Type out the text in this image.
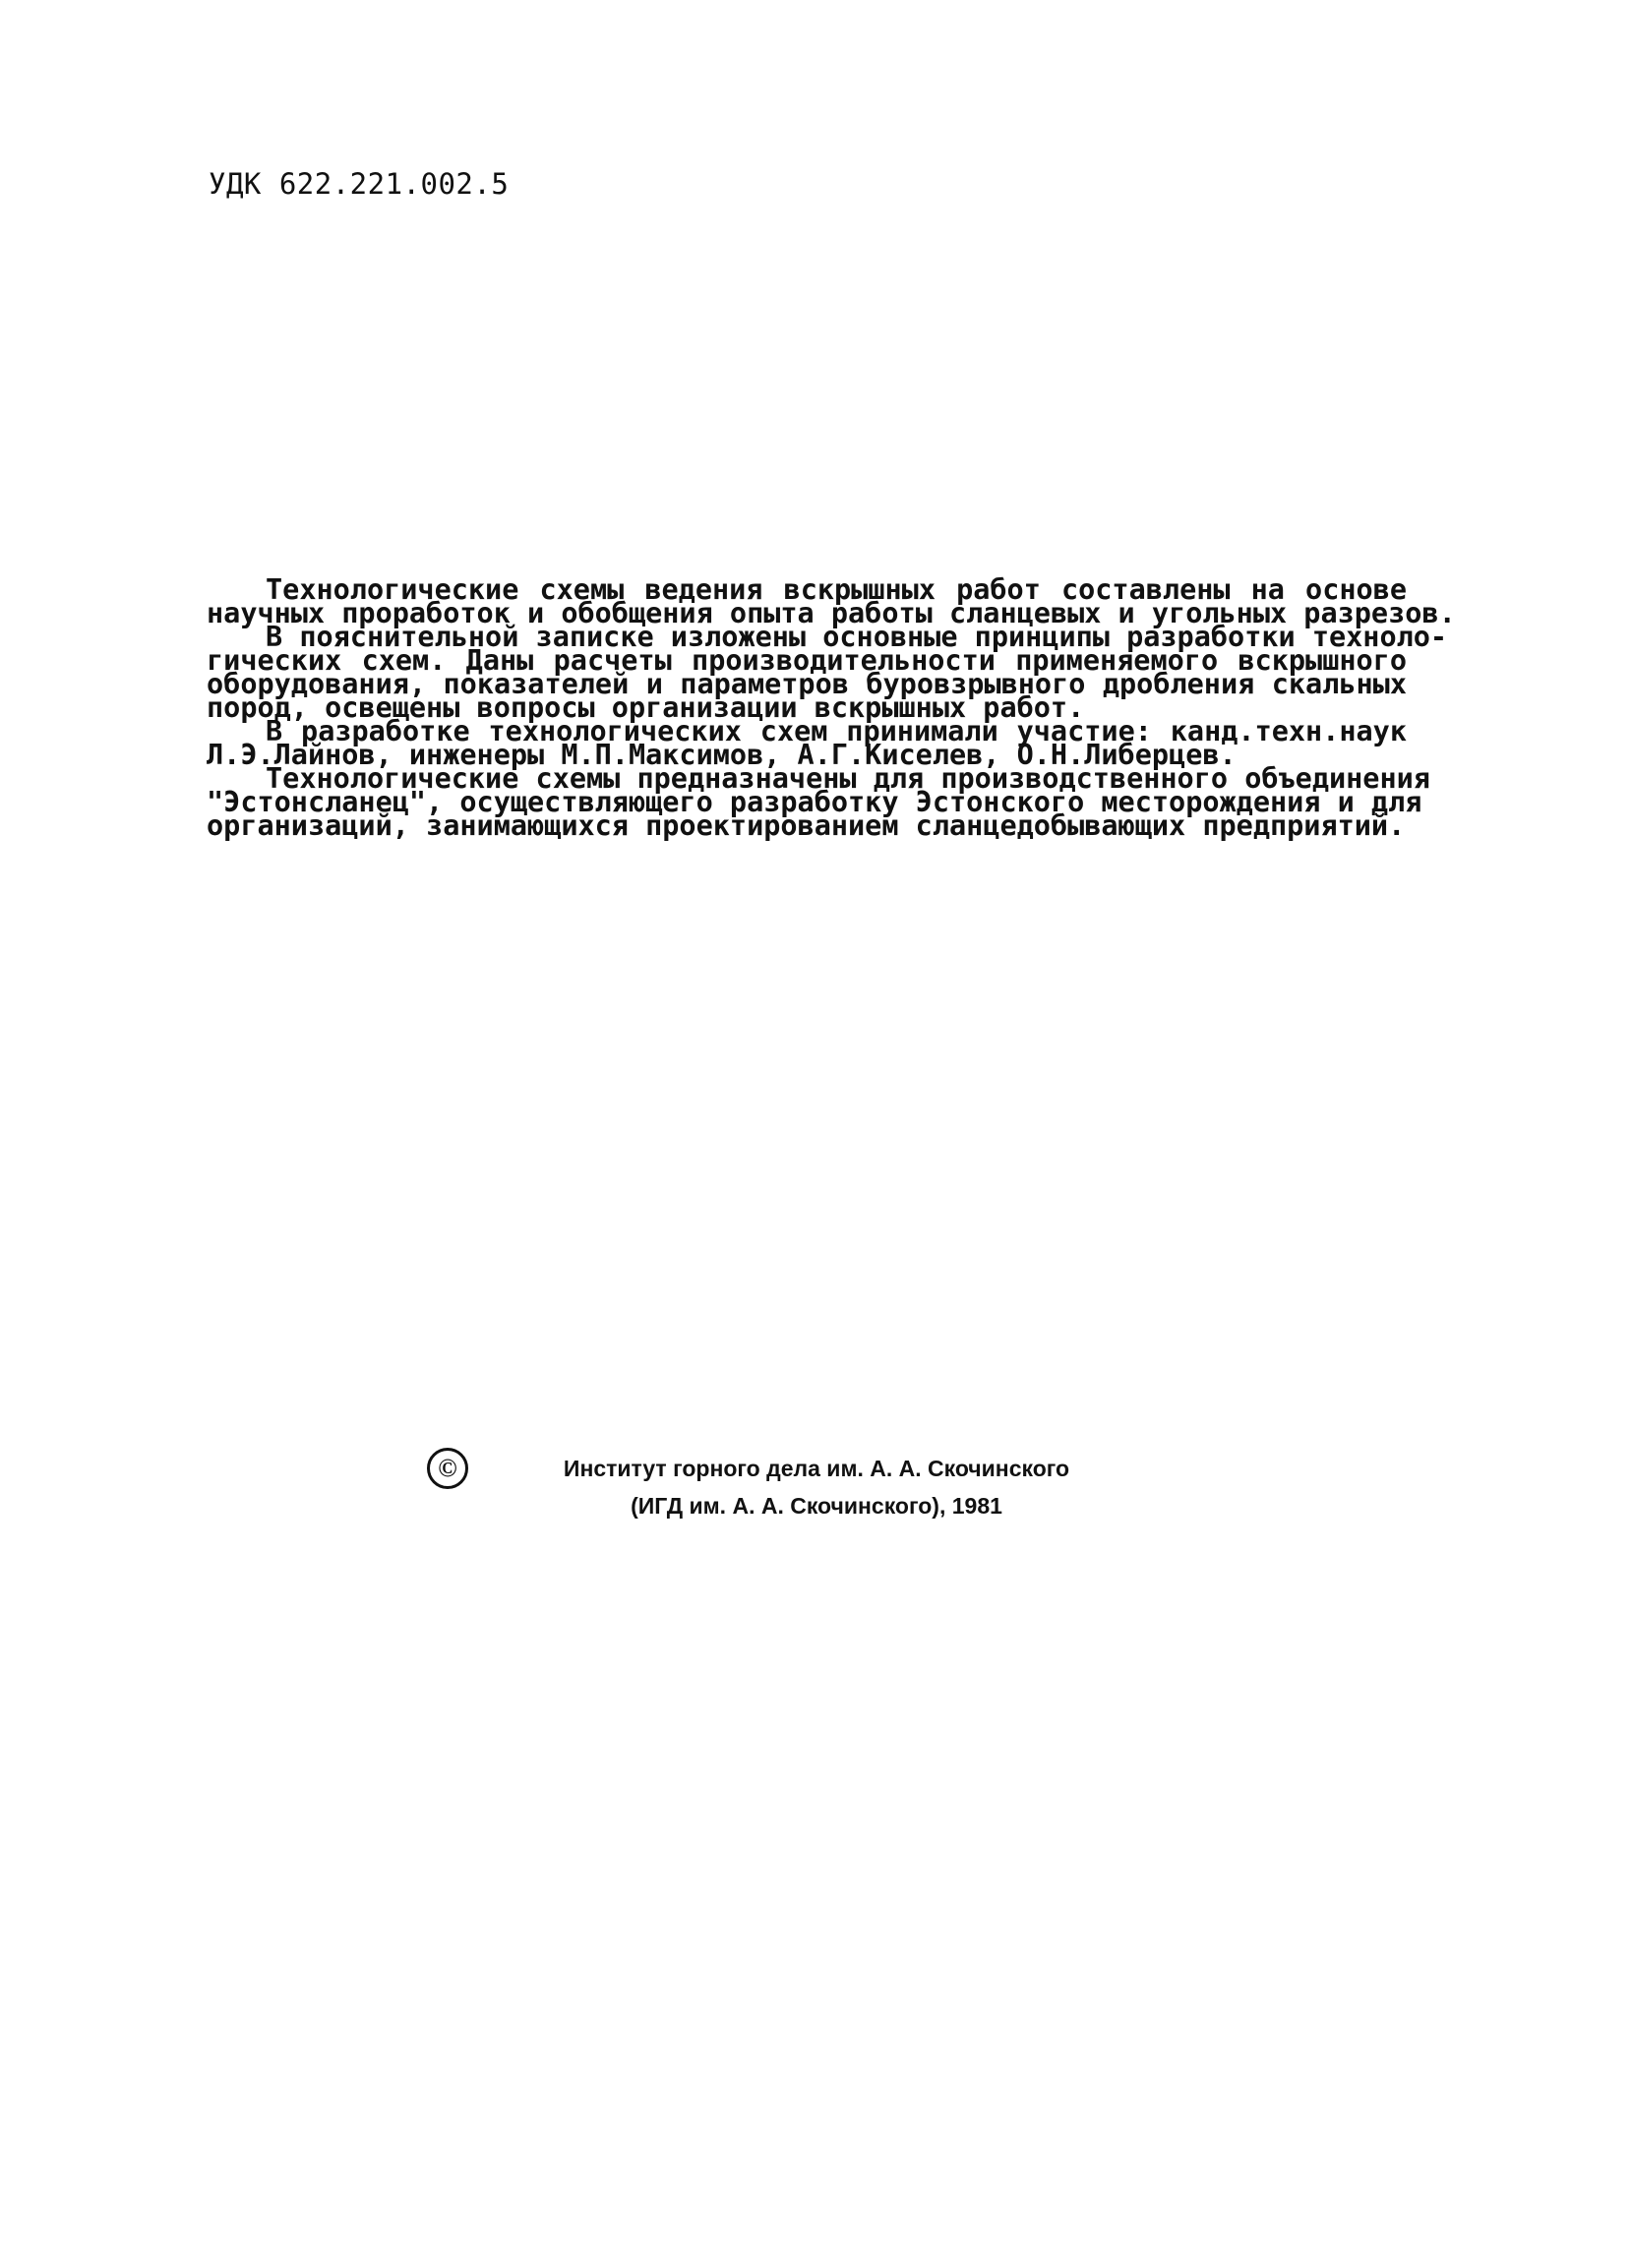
УДК 622.221.002.5
Технологические схемы ведения вскрышных работ составлены на основе
научных проработок и обобщения опыта работы сланцевых и угольных разрезов.
В пояснительной записке изложены основные принципы разработки техноло-
гических схем. Даны расчеты производительности применяемого вскрышного
оборудования, показателей и параметров буровзрывного дробления скальных
пород, освещены вопросы организации вскрышных работ.
В разработке технологических схем принимали участие: канд.техн.наук
Л.Э.Лайнов, инженеры М.П.Максимов, А.Г.Киселев, О.Н.Либерцев.
Технологические схемы предназначены для производственного объединения
"Эстонсланец", осуществляющего разработку Эстонского месторождения и для
организаций, занимающихся проектированием сланцедобывающих предприятий.
©	Институт горного дела им. А. А. Скочинского
(ИГД им. А. А. Скочинского), 1981
